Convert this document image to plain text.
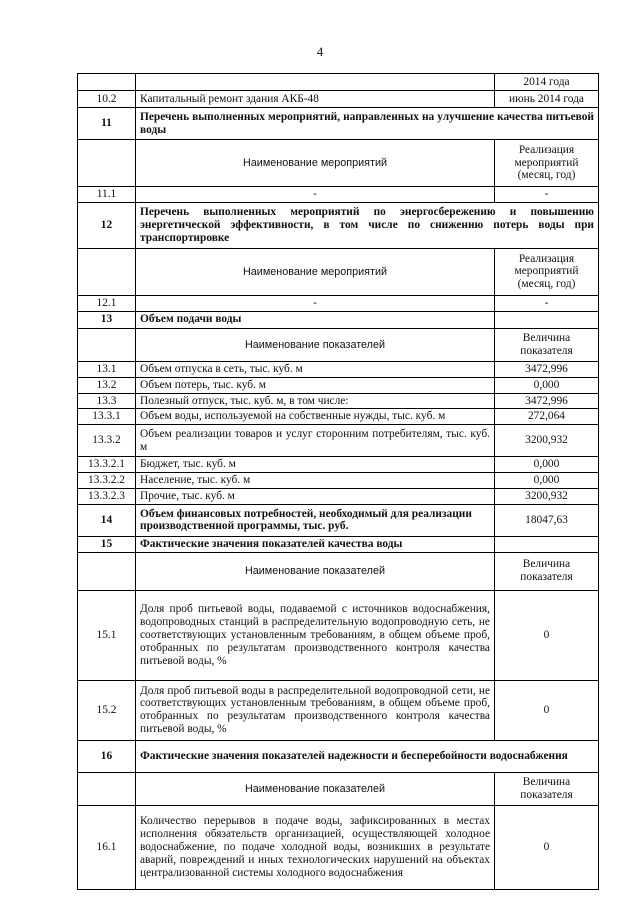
4
		2014 года
10.2	Капитальный ремонт здания АКБ-48	июнь 2014 года
11	Перечень выполненных мероприятий, направленных на улучшение качества питьевой воды	
	Наименование мероприятий	Реализация мероприятий (месяц, год)
11.1	-	-
12	Перечень выполненных мероприятий по энергосбережению и повышению энергетической эффективности, в том числе по снижению потерь воды при транспортировке	
	Наименование мероприятий	Реализация мероприятий (месяц, год)
12.1	-	-
13	Объем подачи воды	
	Наименование показателей	Величина показателя
13.1	Объем отпуска в сеть, тыс. куб. м	3472,996
13.2	Объем потерь, тыс. куб. м	0,000
13.3	Полезный отпуск, тыс. куб. м, в том числе:	3472,996
13.3.1	Объем воды, используемой на собственные нужды, тыс. куб. м	272,064
13.3.2	Объем реализации товаров и услуг сторонним потребителям, тыс. куб. м	3200,932
13.3.2.1	Бюджет, тыс. куб. м	0,000
13.3.2.2	Население, тыс. куб. м	0,000
13.3.2.3	Прочие, тыс. куб. м	3200,932
14	Объем финансовых потребностей, необходимый для реализации производственной программы, тыс. руб.	18047,63
15	Фактические значения показателей качества воды	
	Наименование показателей	Величина показателя
15.1	Доля проб питьевой воды, подаваемой с источников водоснабжения, водопроводных станций в распределительную водопроводную сеть, не соответствующих установленным требованиям, в общем объеме проб, отобранных по результатам производственного контроля качества питьевой воды, %	0
15.2	Доля проб питьевой воды в распределительной водопроводной сети, не соответствующих установленным требованиям, в общем объеме проб, отобранных по результатам производственного контроля качества питьевой воды, %	0
16	Фактические значения показателей надежности и бесперебойности водоснабжения	
	Наименование показателей	Величина показателя
16.1	Количество перерывов в подаче воды, зафиксированных в местах исполнения обязательств организацией, осуществляющей холодное водоснабжение, по подаче холодной воды, возникших в результате аварий, повреждений и иных технологических нарушений на объектах централизованной системы холодного водоснабжения	0
